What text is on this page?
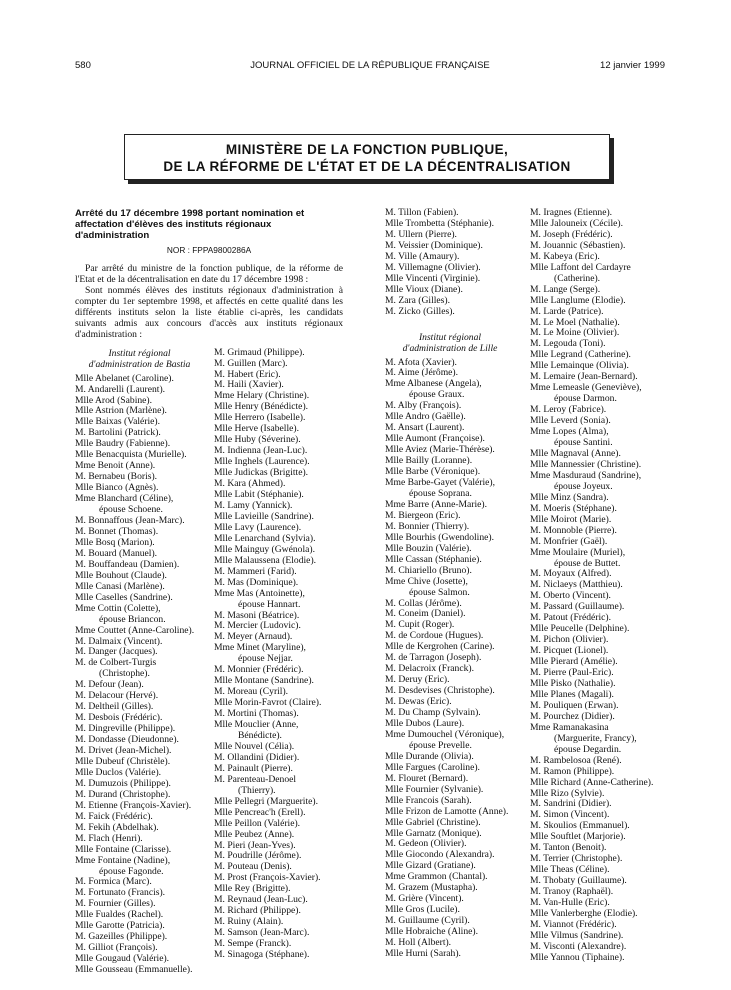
580	JOURNAL OFFICIEL DE LA RÉPUBLIQUE FRANÇAISE	12 janvier 1999
MINISTÈRE DE LA FONCTION PUBLIQUE,
DE LA RÉFORME DE L'ÉTAT ET DE LA DÉCENTRALISATION

Arrêté du 17 décembre 1998 portant nomination et affectation d'élèves des instituts régionaux d'administration

NOR : FPPA9800286A

Par arrêté du ministre de la fonction publique, de la réforme de l'Etat et de la décentralisation en date du 17 décembre 1998 :

Sont nommés élèves des instituts régionaux d'administration à compter du 1er septembre 1998, et affectés en cette qualité dans les différents instituts selon la liste établie ci-après, les candidats suivants admis aux concours d'accès aux instituts régionaux d'administration :

Institut régional
d'administration de Bastia
Mlle Abelanet (Caroline).
M. Andarelli (Laurent).
Mlle Arod (Sabine).
Mlle Astrion (Marlène).
Mlle Baixas (Valérie).
M. Bartolini (Patrick).
Mlle Baudry (Fabienne).
Mlle Benacquista (Murielle).
Mme Benoit (Anne).
M. Bernabeu (Boris).
Mlle Bianco (Agnès).
Mme Blanchard (Céline),
épouse Schoene.
M. Bonnaffous (Jean-Marc).
M. Bonnet (Thomas).
Mlle Bosq (Marion).
M. Bouard (Manuel).
M. Bouffandeau (Damien).
Mlle Bouhout (Claude).
Mlle Canasi (Marlène).
Mlle Caselles (Sandrine).
Mme Cottin (Colette),
épouse Briancon.
Mme Couttet (Anne-Caroline).
M. Dalmaix (Vincent).
M. Danger (Jacques).
M. de Colbert-Turgis
(Christophe).
M. Defour (Jean).
M. Delacour (Hervé).
M. Deltheil (Gilles).
M. Desbois (Frédéric).
M. Dingreville (Philippe).
M. Dondasse (Dieudonne).
M. Drivet (Jean-Michel).
Mlle Dubeuf (Christèle).
Mlle Duclos (Valérie).
M. Dumuzois (Philippe).
M. Durand (Christophe).
M. Etienne (François-Xavier).
M. Faick (Frédéric).
M. Fekih (Abdelhak).
M. Flach (Henri).
Mlle Fontaine (Clarisse).
Mme Fontaine (Nadine),
épouse Fagonde.
M. Formica (Marc).
M. Fortunato (Francis).
M. Fournier (Gilles).
Mlle Fualdes (Rachel).
Mlle Garotte (Patricia).
M. Gazeilles (Philippe).
M. Gilliot (François).
Mlle Gougaud (Valérie).
Mlle Gousseau (Emmanuelle).
M. Grimaud (Philippe).
M. Guillen (Marc).
M. Habert (Eric).
M. Haili (Xavier).
Mme Helary (Christine).
Mlle Henry (Bénédicte).
Mlle Herrero (Isabelle).
Mlle Herve (Isabelle).
Mlle Huby (Séverine).
M. Indienna (Jean-Luc).
Mlle Inghels (Laurence).
Mlle Judickas (Brigitte).
M. Kara (Ahmed).
Mlle Labit (Stéphanie).
M. Lamy (Yannick).
Mlle Lavieille (Sandrine).
Mlle Lavy (Laurence).
Mlle Lenarchand (Sylvia).
Mlle Mainguy (Gwénola).
Mlle Malaussena (Elodie).
M. Mammeri (Farid).
M. Mas (Dominique).
Mme Mas (Antoinette),
épouse Hannart.
M. Masoni (Béatrice).
M. Mercier (Ludovic).
M. Meyer (Arnaud).
Mme Minet (Maryline),
épouse Nejjar.
M. Monnier (Frédéric).
Mlle Montane (Sandrine).
M. Moreau (Cyril).
Mlle Morin-Favrot (Claire).
M. Mortini (Thomas).
Mlle Mouclier (Anne,
Bénédicte).
Mlle Nouvel (Célia).
M. Ollandini (Didier).
M. Painault (Pierre).
M. Parenteau-Denoel
(Thierry).
Mlle Pellegri (Marguerite).
Mlle Pencreac'h (Erell).
Mlle Peillon (Valérie).
Mlle Peubez (Anne).
M. Pieri (Jean-Yves).
M. Poudrille (Jérôme).
M. Pouteau (Denis).
M. Prost (François-Xavier).
Mlle Rey (Brigitte).
M. Reynaud (Jean-Luc).
M. Richard (Philippe).
M. Ruiny (Alain).
M. Samson (Jean-Marc).
M. Sempe (Franck).
M. Sinagoga (Stéphane).
M. Tillon (Fabien).
Mlle Trombetta (Stéphanie).
M. Ullern (Pierre).
M. Veissier (Dominique).
M. Ville (Amaury).
M. Villemagne (Olivier).
Mlle Vincenti (Virginie).
Mlle Vioux (Diane).
M. Zara (Gilles).
M. Zicko (Gilles).
Institut régional
d'administration de Lille
M. Afota (Xavier).
M. Aime (Jérôme).
Mme Albanese (Angela),
épouse Graux.
M. Alby (François).
Mlle Andro (Gaëlle).
M. Ansart (Laurent).
Mlle Aumont (Françoise).
Mlle Aviez (Marie-Thérèse).
Mlle Bailly (Loranne).
Mlle Barbe (Véronique).
Mme Barbe-Gayet (Valérie),
épouse Soprana.
Mme Barre (Anne-Marie).
M. Biergeon (Eric).
M. Bonnier (Thierry).
Mlle Bourhis (Gwendoline).
Mlle Bouzin (Valérie).
Mlle Cassan (Stéphanie).
M. Chiariello (Bruno).
Mme Chive (Josette),
épouse Salmon.
M. Collas (Jérôme).
M. Coneim (Daniel).
M. Cupit (Roger).
M. de Cordoue (Hugues).
Mlle de Kergrohen (Carine).
M. de Tarragon (Joseph).
M. Delacroix (Franck).
M. Deruy (Eric).
M. Desdevises (Christophe).
M. Dewas (Eric).
M. Du Champ (Sylvain).
Mlle Dubos (Laure).
Mme Dumouchel (Véronique),
épouse Prevelle.
Mlle Durande (Olivia).
Mlle Fargues (Caroline).
M. Flouret (Bernard).
Mlle Fournier (Sylvanie).
Mlle Francois (Sarah).
Mlle Frizon de Lamotte (Anne).
Mlle Gabriel (Christine).
Mlle Garnatz (Monique).
M. Gedeon (Olivier).
Mlle Giocondo (Alexandra).
Mlle Gizard (Gratiane).
Mme Grammon (Chantal).
M. Grazem (Mustapha).
M. Grière (Vincent).
Mlle Gros (Lucile).
M. Guillaume (Cyril).
Mlle Hobraiche (Aline).
M. Holl (Albert).
Mlle Hurni (Sarah).
M. Iragnes (Etienne).
Mlle Jalouneix (Cécile).
M. Joseph (Frédéric).
M. Jouannic (Sébastien).
M. Kabeya (Eric).
Mlle Laffont del Cardayre
(Catherine).
M. Lange (Serge).
Mlle Langlume (Elodie).
M. Larde (Patrice).
M. Le Moel (Nathalie).
M. Le Moine (Olivier).
M. Legouda (Toni).
Mlle Legrand (Catherine).
Mlle Lemainque (Olivia).
M. Lemaire (Jean-Bernard).
Mme Lemeasle (Geneviève),
épouse Darmon.
M. Leroy (Fabrice).
Mlle Leverd (Sonia).
Mme Lopes (Alma),
épouse Santini.
Mlle Magnaval (Anne).
Mlle Mannessier (Christine).
Mme Masduraud (Sandrine),
épouse Joyeux.
Mlle Minz (Sandra).
M. Moeris (Stéphane).
Mlle Moirot (Marie).
M. Monnoble (Pierre).
M. Monfrier (Gaël).
Mme Moulaire (Muriel),
épouse de Buttet.
M. Moyaux (Alfred).
M. Niclaeys (Matthieu).
M. Oberto (Vincent).
M. Passard (Guillaume).
M. Patout (Frédéric).
Mlle Peucelle (Delphine).
M. Pichon (Olivier).
M. Picquet (Lionel).
Mlle Pierard (Amélie).
M. Pierre (Paul-Eric).
Mlle Pisko (Nathalie).
Mlle Planes (Magali).
M. Pouliquen (Erwan).
M. Pourchez (Didier).
Mme Ramanakasina
(Marguerite, Francy),
épouse Degardin.
M. Rambelosoa (René).
M. Ramon (Philippe).
Mlle Richard (Anne-Catherine).
Mlle Rizo (Sylvie).
M. Sandrini (Didier).
M. Simon (Vincent).
M. Skoulios (Emmanuel).
Mlle Souftlet (Marjorie).
M. Tanton (Benoit).
M. Terrier (Christophe).
Mlle Theas (Céline).
M. Thobaty (Guillaume).
M. Tranoy (Raphaël).
M. Van-Hulle (Eric).
Mlle Vanlerberghe (Elodie).
M. Viannot (Frédéric).
Mlle Vilmus (Sandrine).
M. Visconti (Alexandre).
Mlle Yannou (Tiphaine).
